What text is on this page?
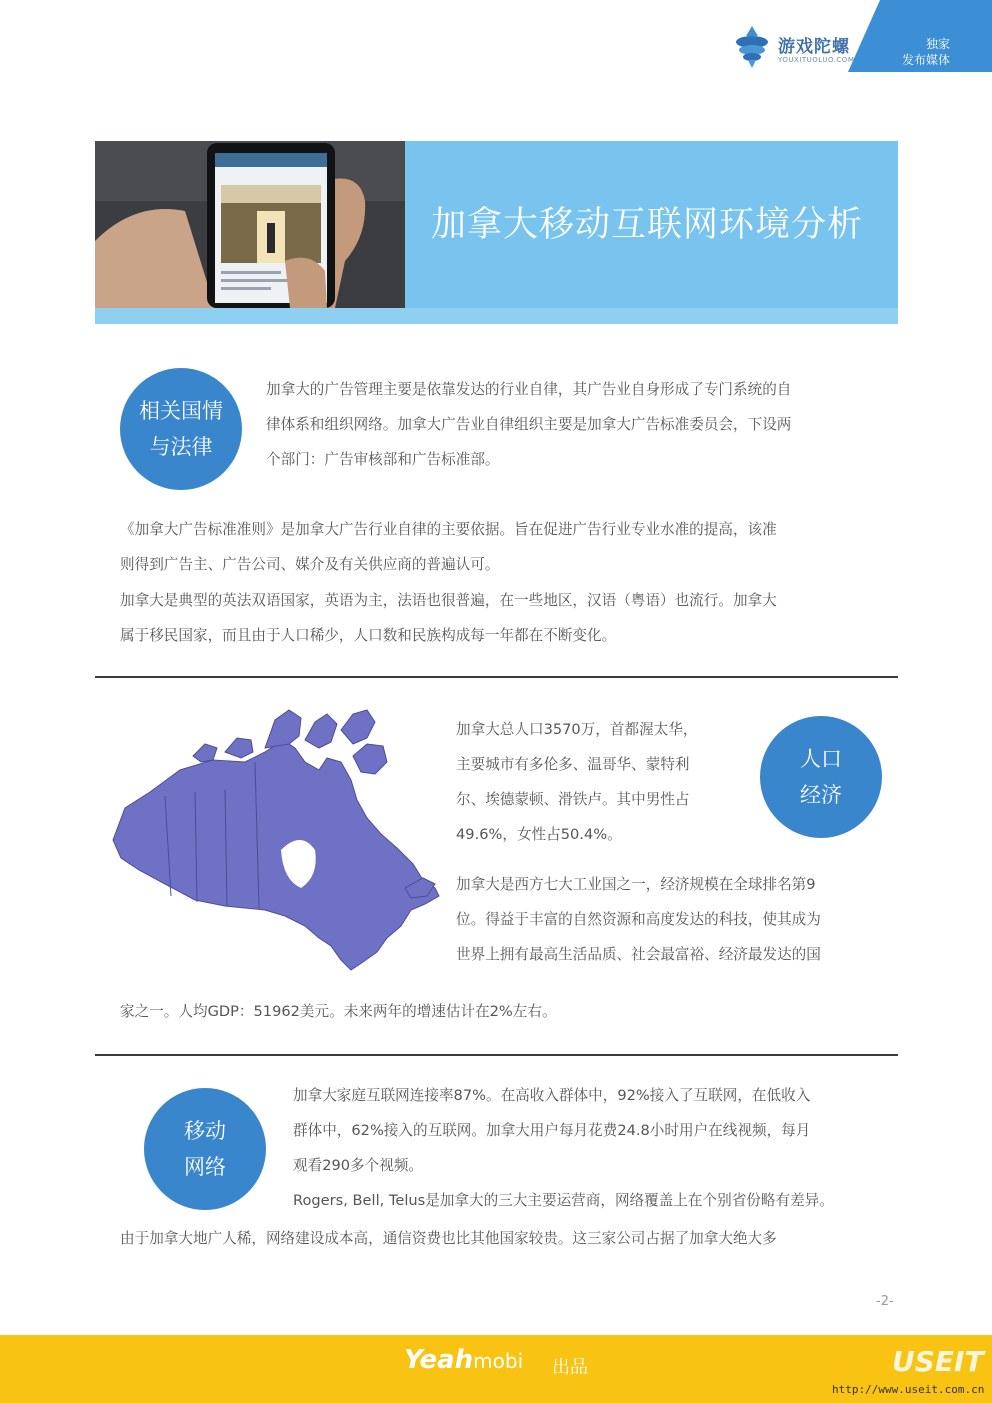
独家
发布媒体
游戏陀螺
YOUXITUOLUO.COM
加拿大移动互联网环境分析
相关国情
与法律
加拿大的广告管理主要是依靠发达的行业自律，其广告业自身形成了专门系统的自
律体系和组织网络。加拿大广告业自律组织主要是加拿大广告标准委员会，下设两
个部门：广告审核部和广告标准部。
《加拿大广告标准准则》是加拿大广告行业自律的主要依据。旨在促进广告行业专业水准的提高，该准
则得到广告主、广告公司、媒介及有关供应商的普遍认可。
加拿大是典型的英法双语国家，英语为主，法语也很普遍，在一些地区，汉语（粤语）也流行。加拿大
属于移民国家，而且由于人口稀少，人口数和民族构成每一年都在不断变化。
加拿大总人口3570万，首都渥太华，
主要城市有多伦多、温哥华、蒙特利
尔、埃德蒙顿、滑铁卢。其中男性占
49.6%，女性占50.4%。
人口
经济
加拿大是西方七大工业国之一，经济规模在全球排名第9
位。得益于丰富的自然资源和高度发达的科技，使其成为
世界上拥有最高生活品质、社会最富裕、经济最发达的国
家之一。人均GDP：51962美元。未来两年的增速估计在2%左右。
移动
网络
加拿大家庭互联网连接率87%。在高收入群体中，92%接入了互联网，在低收入
群体中，62%接入的互联网。加拿大用户每月花费24.8小时用户在线视频，每月
观看290多个视频。
Rogers, Bell, Telus是加拿大的三大主要运营商，网络覆盖上在个别省份略有差异。
由于加拿大地广人稀，网络建设成本高，通信资费也比其他国家较贵。这三家公司占据了加拿大绝大多
-2-
Yeahmobi 出品	USEIT
http://www.useit.com.cn
